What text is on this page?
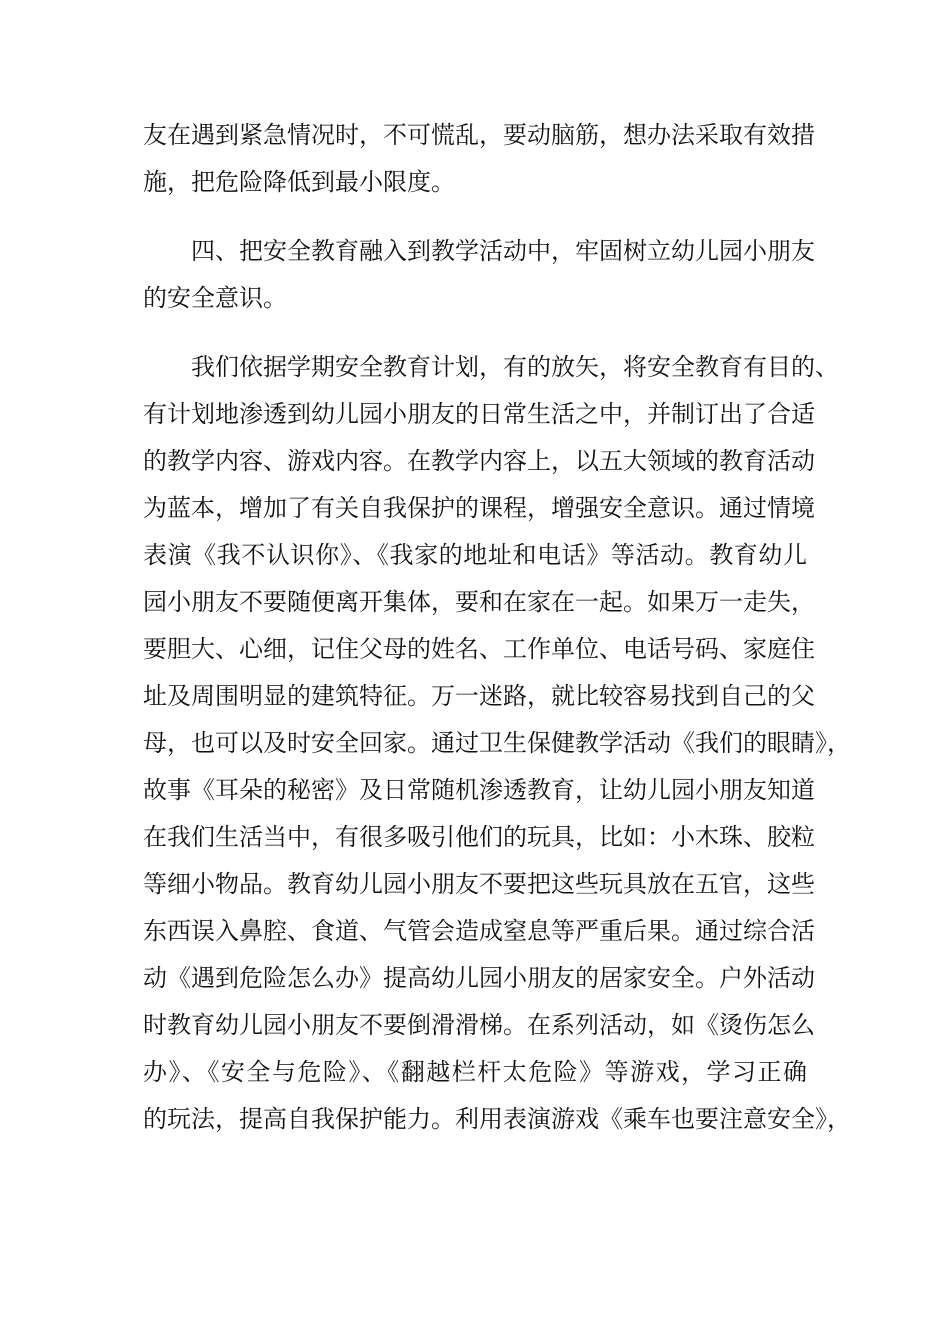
友在遇到紧急情况时，不可慌乱，要动脑筋，想办法采取有效措
施，把危险降低到最小限度。
四、把安全教育融入到教学活动中，牢固树立幼儿园小朋友
的安全意识。
我们依据学期安全教育计划，有的放矢，将安全教育有目的、
有计划地渗透到幼儿园小朋友的日常生活之中，并制订出了合适
的教学内容、游戏内容。在教学内容上，以五大领域的教育活动
为蓝本，增加了有关自我保护的课程，增强安全意识。通过情境
表演《我不认识你》、《我家的地址和电话》等活动。教育幼儿
园小朋友不要随便离开集体，要和在家在一起。如果万一走失，
要胆大、心细，记住父母的姓名、工作单位、电话号码、家庭住
址及周围明显的建筑特征。万一迷路，就比较容易找到自己的父
母，也可以及时安全回家。通过卫生保健教学活动《我们的眼睛》，
故事《耳朵的秘密》及日常随机渗透教育，让幼儿园小朋友知道
在我们生活当中，有很多吸引他们的玩具，比如：小木珠、胶粒
等细小物品。教育幼儿园小朋友不要把这些玩具放在五官，这些
东西误入鼻腔、食道、气管会造成窒息等严重后果。通过综合活
动《遇到危险怎么办》提高幼儿园小朋友的居家安全。户外活动
时教育幼儿园小朋友不要倒滑滑梯。在系列活动，如《烫伤怎么
办》、《安全与危险》、《翻越栏杆太危险》等游戏，学习正确
的玩法，提高自我保护能力。利用表演游戏《乘车也要注意安全》，
